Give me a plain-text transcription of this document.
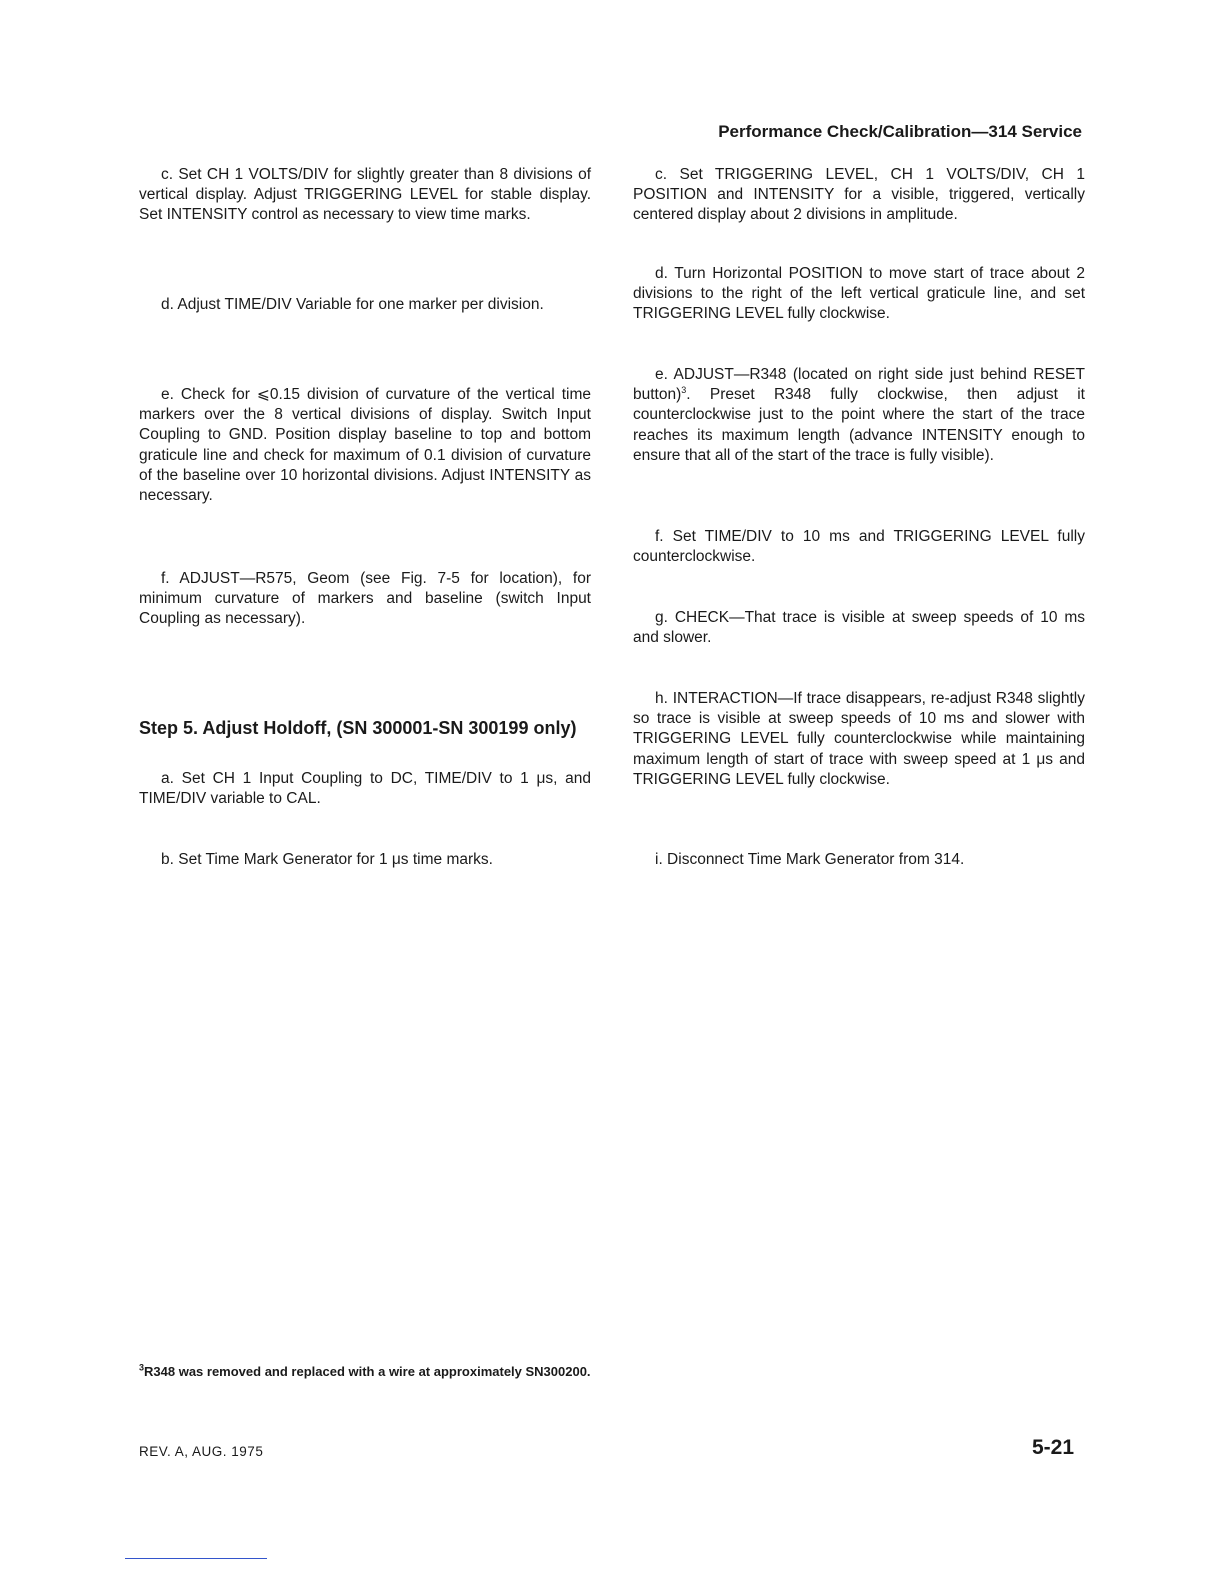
Performance Check/Calibration—314 Service

c. Set CH 1 VOLTS/DIV for slightly greater than 8 divisions of vertical display. Adjust TRIGGERING LEVEL for stable display. Set INTENSITY control as necessary to view time marks.

d. Adjust TIME/DIV Variable for one marker per division.

e. Check for ⩽0.15 division of curvature of the vertical time markers over the 8 vertical divisions of display. Switch Input Coupling to GND. Position display baseline to top and bottom graticule line and check for maximum of 0.1 division of curvature of the baseline over 10 horizontal divisions. Adjust INTENSITY as necessary.

f. ADJUST—R575, Geom (see Fig. 7-5 for location), for minimum curvature of markers and baseline (switch Input Coupling as necessary).

Step 5. Adjust Holdoff, (SN 300001-SN 300199 only)

a. Set CH 1 Input Coupling to DC, TIME/DIV to 1 μs, and TIME/DIV variable to CAL.

b. Set Time Mark Generator for 1 μs time marks.

c. Set TRIGGERING LEVEL, CH 1 VOLTS/DIV, CH 1 POSITION and INTENSITY for a visible, triggered, vertically centered display about 2 divisions in amplitude.

d. Turn Horizontal POSITION to move start of trace about 2 divisions to the right of the left vertical graticule line, and set TRIGGERING LEVEL fully clockwise.

e. ADJUST—R348 (located on right side just behind RESET button)$^3$. Preset R348 fully clockwise, then adjust it counterclockwise just to the point where the start of the trace reaches its maximum length (advance INTENSITY enough to ensure that all of the start of the trace is fully visible).

f. Set TIME/DIV to 10 ms and TRIGGERING LEVEL fully counterclockwise.

g. CHECK—That trace is visible at sweep speeds of 10 ms and slower.

h. INTERACTION—If trace disappears, re-adjust R348 slightly so trace is visible at sweep speeds of 10 ms and slower with TRIGGERING LEVEL fully counterclockwise while maintaining maximum length of start of trace with sweep speed at 1 μs and TRIGGERING LEVEL fully clockwise.

i. Disconnect Time Mark Generator from 314.

$^3$R348 was removed and replaced with a wire at approximately SN300200.
REV. A, AUG. 1975	5-21
